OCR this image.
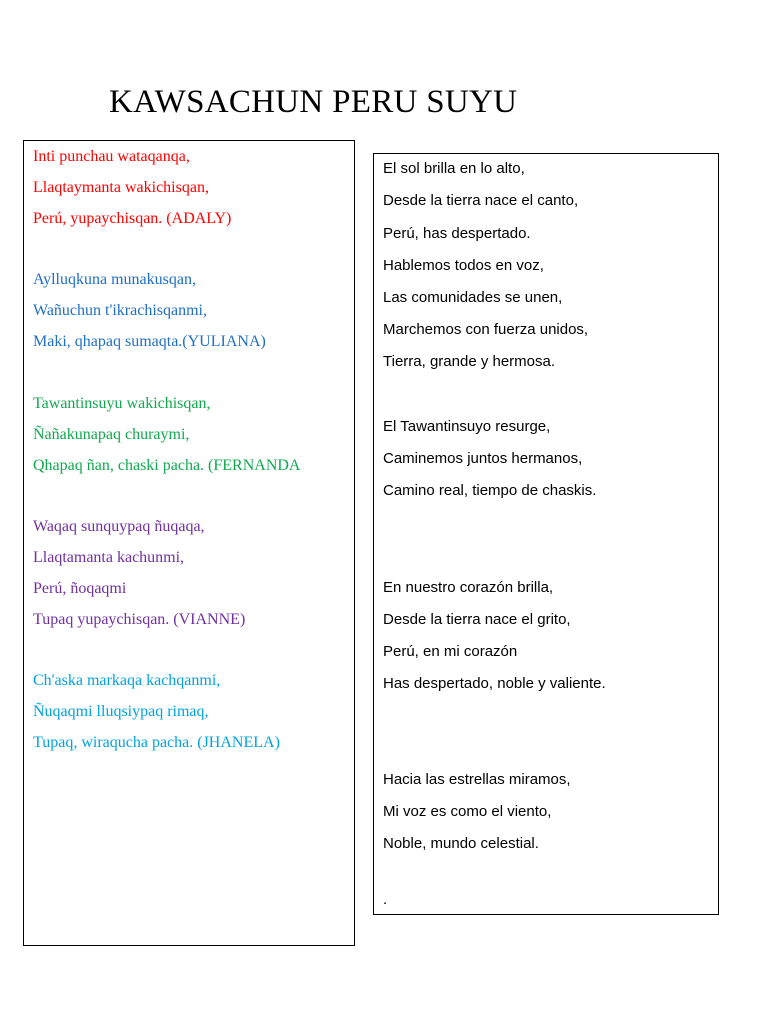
KAWSACHUN PERU SUYU
Inti punchau wataqanqa,
Llaqtaymanta wakichisqan,
Perú, yupaychisqan. (ADALY)
Aylluqkuna munakusqan,
Wañuchun t'ikrachisqanmi,
Maki, qhapaq sumaqta.(YULIANA)
Tawantinsuyu wakichisqan,
Ñañakunapaq churaymi,
Qhapaq ñan, chaski pacha. (FERNANDA
Waqaq sunquypaq ñuqaqa,
Llaqtamanta kachunmi,
Perú, ñoqaqmi
Tupaq yupaychisqan. (VIANNE)
Ch'aska markaqa kachqanmi,
Ñuqaqmi lluqsiypaq rimaq,
Tupaq, wiraqucha pacha. (JHANELA)
El sol brilla en lo alto,
Desde la tierra nace el canto,
Perú, has despertado.
Hablemos todos en voz,
Las comunidades se unen,
Marchemos con fuerza unidos,
Tierra, grande y hermosa.
El Tawantinsuyo resurge,
Caminemos juntos hermanos,
Camino real, tiempo de chaskis.
En nuestro corazón brilla,
Desde la tierra nace el grito,
Perú, en mi corazón
Has despertado, noble y valiente.
Hacia las estrellas miramos,
Mi voz es como el viento,
Noble, mundo celestial.
.
